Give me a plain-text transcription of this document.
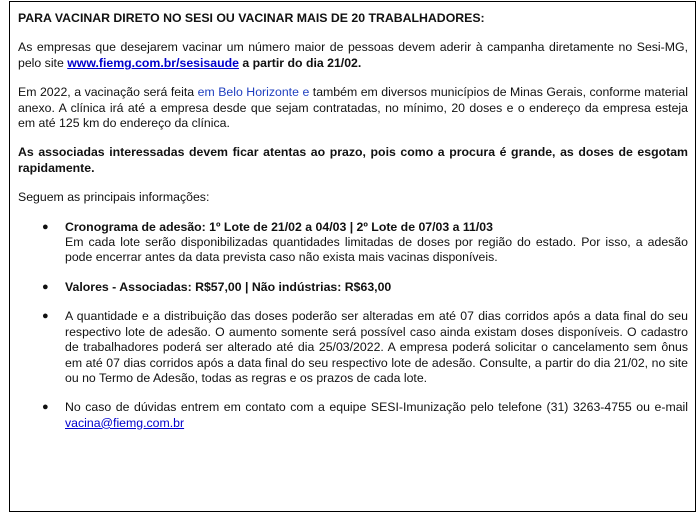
PARA VACINAR DIRETO NO SESI OU VACINAR MAIS DE 20 TRABALHADORES:

As empresas que desejarem vacinar um número maior de pessoas devem aderir à campanha diretamente no Sesi-MG, pelo site www.fiemg.com.br/sesisaude a partir do dia 21/02.

Em 2022, a vacinação será feita em Belo Horizonte e também em diversos municípios de Minas Gerais, conforme material anexo. A clínica irá até a empresa desde que sejam contratadas, no mínimo, 20 doses e o endereço da empresa esteja em até 125 km do endereço da clínica.

As associadas interessadas devem ficar atentas ao prazo, pois como a procura é grande, as doses de esgotam rapidamente.

Seguem as principais informações:

● Cronograma de adesão: 1º Lote de 21/02 a 04/03 | 2º Lote de 07/03 a 11/03
Em cada lote serão disponibilizadas quantidades limitadas de doses por região do estado. Por isso, a adesão pode encerrar antes da data prevista caso não exista mais vacinas disponíveis.
● Valores - Associadas: R$57,00 | Não indústrias: R$63,00
● A quantidade e a distribuição das doses poderão ser alteradas em até 07 dias corridos após a data final do seu respectivo lote de adesão. O aumento somente será possível caso ainda existam doses disponíveis. O cadastro de trabalhadores poderá ser alterado até dia 25/03/2022. A empresa poderá solicitar o cancelamento sem ônus em até 07 dias corridos após a data final do seu respectivo lote de adesão. Consulte, a partir do dia 21/02, no site ou no Termo de Adesão, todas as regras e os prazos de cada lote.
● No caso de dúvidas entrem em contato com a equipe SESI-Imunização pelo telefone (31) 3263-4755 ou e-mail vacina@fiemg.com.br
